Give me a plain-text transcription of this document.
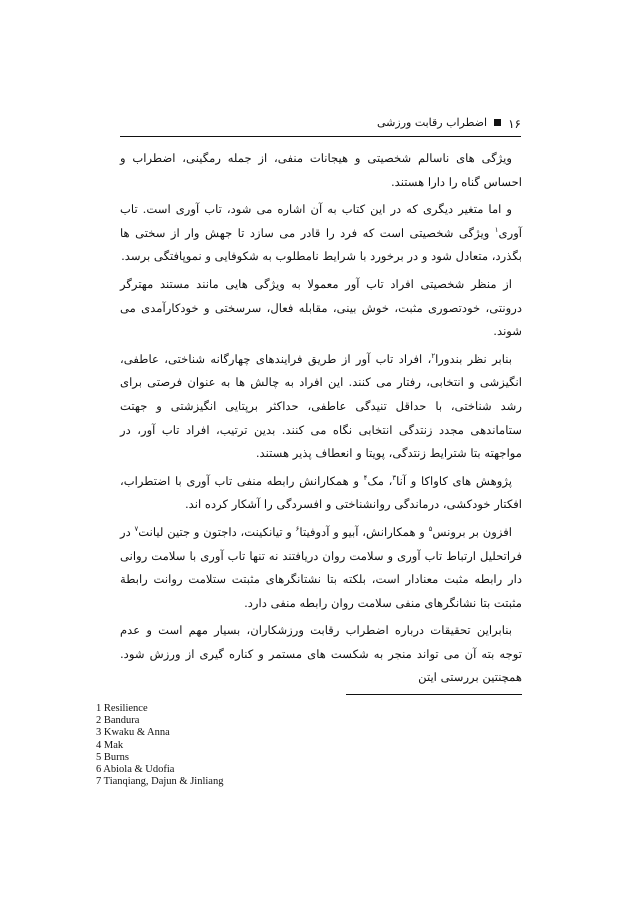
۱۶
اضطراب رقابت ورزشی

ویژگی های ناسالم شخصیتی و هیجانات منفی، از جمله رمگینی، اضطراب و احساس گناه را دارا هستند.

و اما متغیر دیگری که در این کتاب به آن اشاره می شود، تاب آوری است. تاب آوری$^۱$ ویژگی شخصیتی است که فرد را قادر می سازد تا جهش وار از سختی ها بگذرد، متعادل شود و در برخورد با شرایط نامطلوب به شکوفایی و نموپافتگی برسد.

از منظر شخصیتی افراد تاب آور معمولا به ویژگی هایی مانند مستند مهترگر درونتی، خودتصوری مثبت، خوش بینی، مقابله فعال، سرسختی و خودکارآمدی می شوند.

بنابر نظر بندورا$^۲$، افراد تاب آور از طریق فرایندهای چهارگانه شناختی، عاطفی، انگیزشی و انتخابی، رفتار می کنند. این افراد به چالش ها به عنوان فرصتی برای رشد شناختی، با حداقل تنیدگی عاطفی، حداکثر برپتایی انگیزشتی و جهتت ستاماندهی مجدد زنتدگی انتخابی نگاه می کنند. بدین ترتیب، افراد تاب آور، در مواجهته بتا شترایط زنتدگی، پویتا و انعطاف پذیر هستند.

پژوهش های کاواکا و آنا$^۳$، مک$^۴$ و همکارانش رابطه منفی تاب آوری با اضتطراب، افکتار خودکشی، درماندگی روانشناختی و افسردگی را آشکار کرده اند.

افزون بر برونس$^۵$ و همکارانش، آبیو و آدوفیتا$^۶$ و تیانکینت، داجتون و جتین لیانت$^۷$ در فراتحلیل ارتباط تاب آوری و سلامت روان دریافتند نه تنها تاب آوری با سلامت روانی دار رابطه مثبت معنادار است، بلکته بتا نشتانگرهای مثبتت ستلامت روانت رابطة مثبتت بتا نشانگرهای منفی سلامت روان رابطه منفی دارد.

بنابراین تحقیقات درباره اضطراب رقابت ورزشکاران، بسیار مهم است و عدم توجه بته آن می تواند منجر به شکست های مستمر و کناره گیری از ورزش شود. همچنتین بررستی ایتن

1 Resilience
2 Bandura
3 Kwaku & Anna
4 Mak
5 Burns
6 Abiola & Udofia
7 Tianqiang, Dajun & Jinliang
